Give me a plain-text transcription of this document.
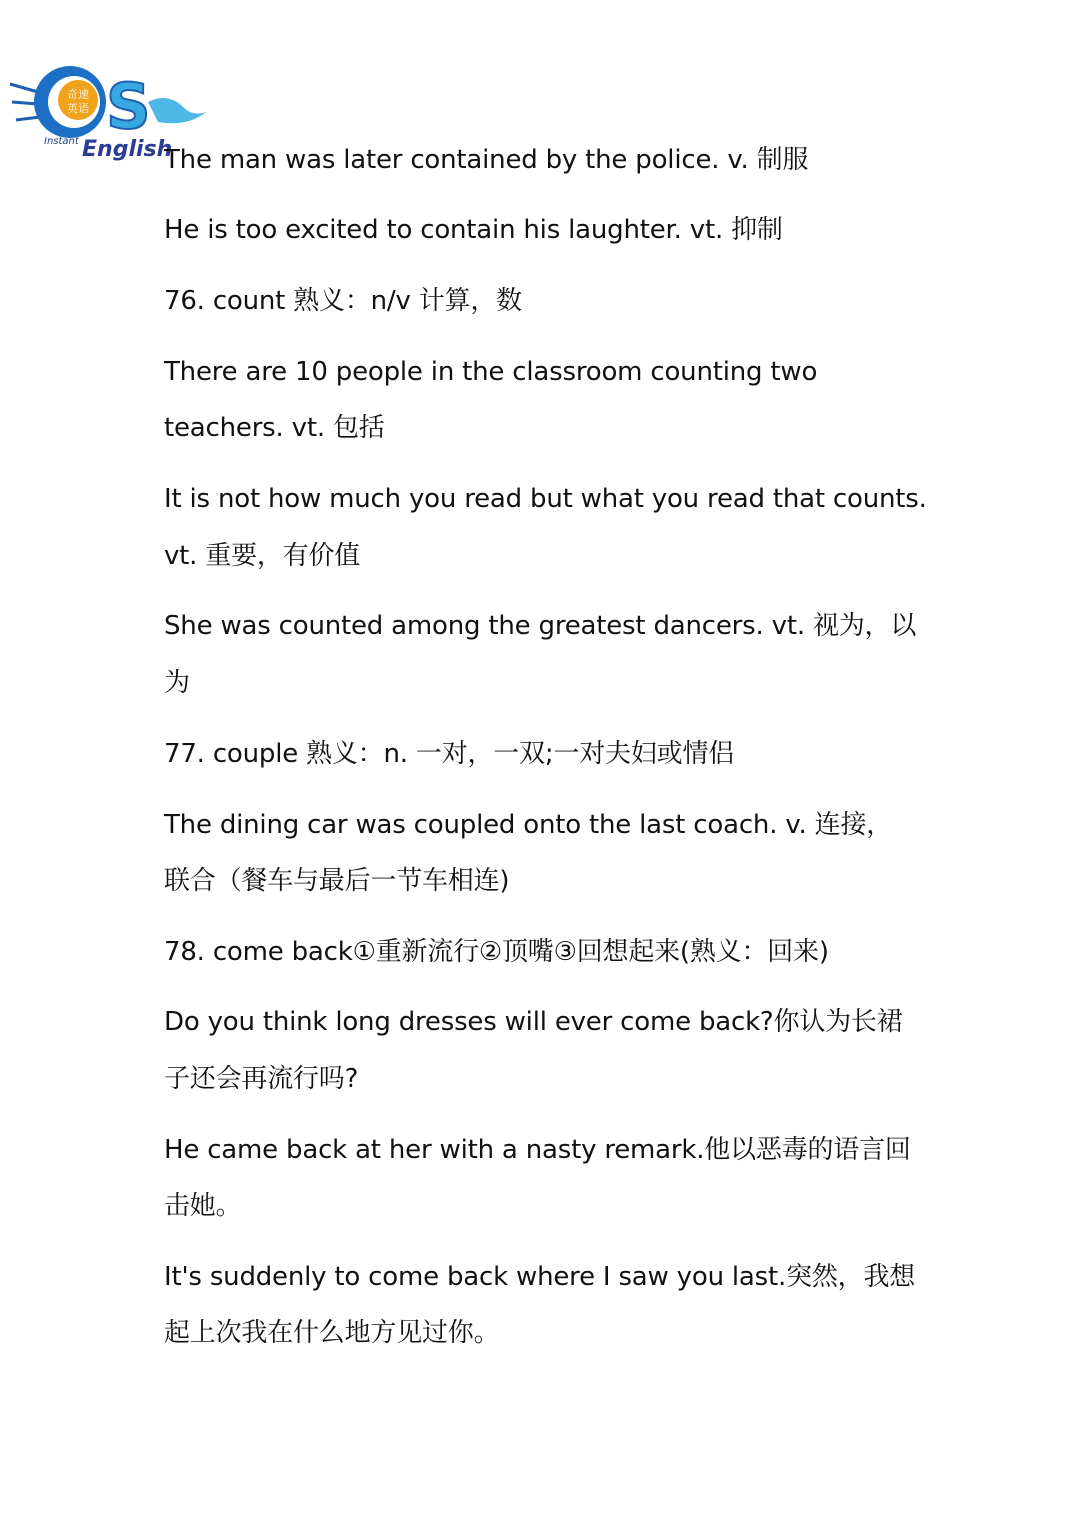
奇速
英语 S
Instant English
The man was later contained by the police. v. 制服
He is too excited to contain his laughter. vt. 抑制
76. count 熟义：n/v 计算，数
There are 10 people in the classroom counting two
teachers. vt. 包括
It is not how much you read but what you read that counts.
vt. 重要，有价值
She was counted among the greatest dancers. vt. 视为，以
为
77. couple 熟义：n. 一对，一双;一对夫妇或情侣
The dining car was coupled onto the last coach. v. 连接，
联合（餐车与最后一节车相连)
78. come back①重新流行②顶嘴③回想起来(熟义：回来)
Do you think long dresses will ever come back?你认为长裙
子还会再流行吗?
He came back at her with a nasty remark.他以恶毒的语言回
击她。
It's suddenly to come back where I saw you last.突然，我想
起上次我在什么地方见过你。
